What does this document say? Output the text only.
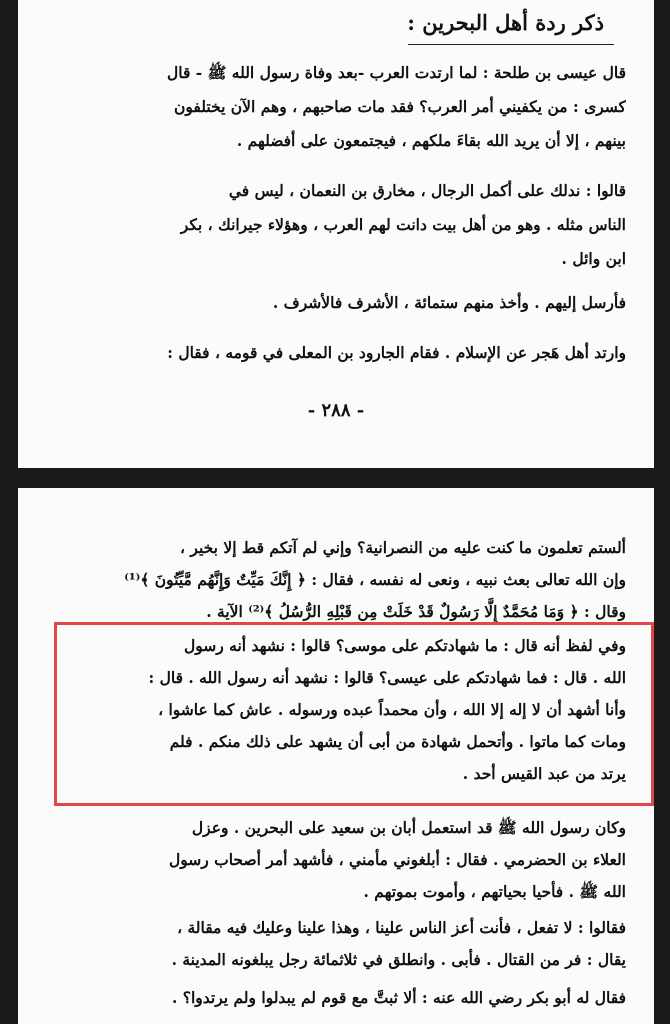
ذكر ردة أهل البحرين :
قال عيسى بن طلحة : لما ارتدت العرب -بعد وفاة رسول الله ﷺ - قال
كسرى : من يكفيني أمر العرب؟ فقد مات صاحبهم ، وهم الآن يختلفون
بينهم ، إلا أن يريد الله بقاءَ ملكهم ، فيجتمعون على أفضلهم .
قالوا : ندلك على أكمل الرجال ، مخارق بن النعمان ، ليس في
الناس مثله . وهو من أهل بيت دانت لهم العرب ، وهؤلاء جيرانك ، بكر
ابن وائل .
فأرسل إليهم . وأخذ منهم ستمائة ، الأشرف فالأشرف .
وارتد أهل هَجر عن الإسلام . فقام الجارود بن المعلى في قومه ، فقال :
- ٢٨٨ -
ألستم تعلمون ما كنت عليه من النصرانية؟ وإني لم آتكم قط إلا بخير ،
وإن الله تعالى بعث نبيه ، ونعى له نفسه ، فقال : ﴿ إِنَّكَ مَيِّتٌ وَإِنَّهُم مَّيِّتُونَ ﴾⁽¹⁾
وقال : ﴿ وَمَا مُحَمَّدٌ إِلَّا رَسُولٌ قَدْ خَلَتْ مِن قَبْلِهِ الرُّسُلُ ﴾⁽²⁾ الآية .
وفي لفظ أنه قال : ما شهادتكم على موسى؟ قالوا : نشهد أنه رسول
الله . قال : فما شهادتكم على عيسى؟ قالوا : نشهد أنه رسول الله . قال :
وأنا أشهد أن لا إله إلا الله ، وأن محمداً عبده ورسوله . عاش كما عاشوا ،
ومات كما ماتوا . وأتحمل شهادة من أبى أن يشهد على ذلك منكم . فلم
يرتد من عبد القيس أحد .
وكان رسول الله ﷺ قد استعمل أبان بن سعيد على البحرين . وعزل
العلاء بن الحضرمي . فقال : أبلغوني مأمني ، فأشهد أمر أصحاب رسول
الله ﷺ . فأحيا بحياتهم ، وأموت بموتهم .
فقالوا : لا تفعل ، فأنت أعز الناس علينا ، وهذا علينا وعليك فيه مقالة ،
يقال : فر من القتال . فأبى . وانطلق في ثلاثمائة رجل يبلغونه المدينة .
فقال له أبو بكر رضي الله عنه : ألا ثبتَّ مع قوم لم يبدلوا ولم يرتدوا؟ .
